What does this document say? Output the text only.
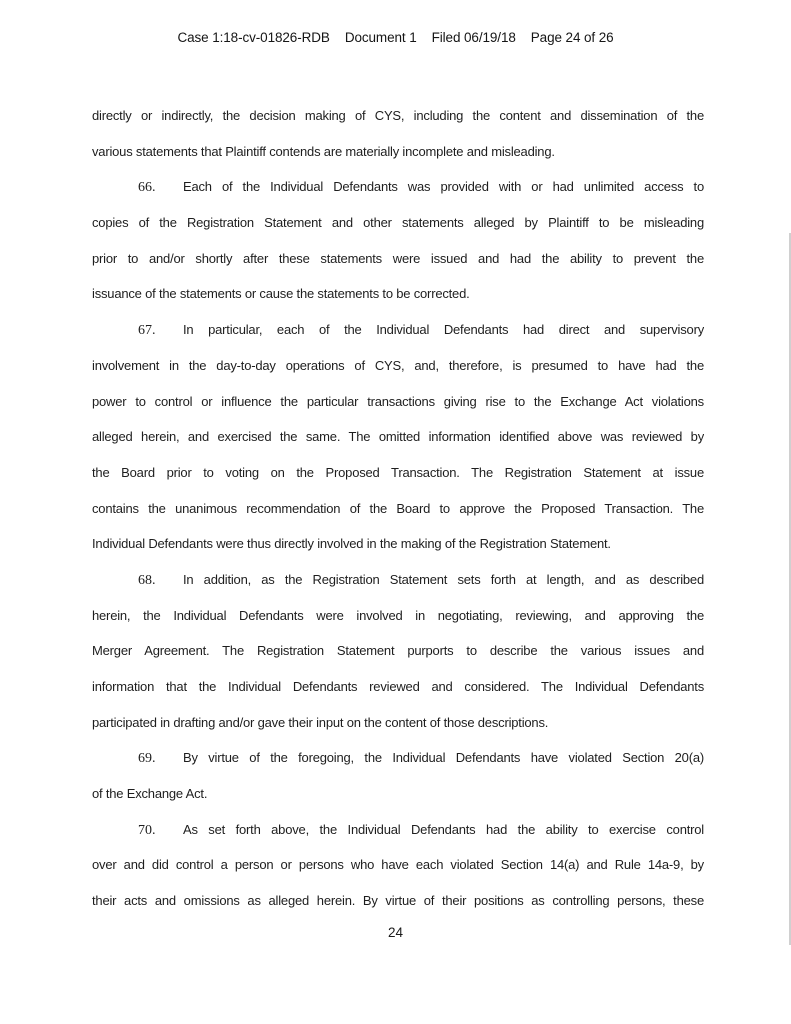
Case 1:18-cv-01826-RDB Document 1 Filed 06/19/18 Page 24 of 26
directly or indirectly, the decision making of CYS, including the content and dissemination of the
various statements that Plaintiff contends are materially incomplete and misleading.
66. Each of the Individual Defendants was provided with or had unlimited access to
copies of the Registration Statement and other statements alleged by Plaintiff to be misleading
prior to and/or shortly after these statements were issued and had the ability to prevent the
issuance of the statements or cause the statements to be corrected.
67. In particular, each of the Individual Defendants had direct and supervisory
involvement in the day-to-day operations of CYS, and, therefore, is presumed to have had the
power to control or influence the particular transactions giving rise to the Exchange Act violations
alleged herein, and exercised the same. The omitted information identified above was reviewed by
the Board prior to voting on the Proposed Transaction. The Registration Statement at issue
contains the unanimous recommendation of the Board to approve the Proposed Transaction. The
Individual Defendants were thus directly involved in the making of the Registration Statement.
68. In addition, as the Registration Statement sets forth at length, and as described
herein, the Individual Defendants were involved in negotiating, reviewing, and approving the
Merger Agreement. The Registration Statement purports to describe the various issues and
information that the Individual Defendants reviewed and considered. The Individual Defendants
participated in drafting and/or gave their input on the content of those descriptions.
69. By virtue of the foregoing, the Individual Defendants have violated Section 20(a)
of the Exchange Act.
70. As set forth above, the Individual Defendants had the ability to exercise control
over and did control a person or persons who have each violated Section 14(a) and Rule 14a-9, by
their acts and omissions as alleged herein. By virtue of their positions as controlling persons, these
24
